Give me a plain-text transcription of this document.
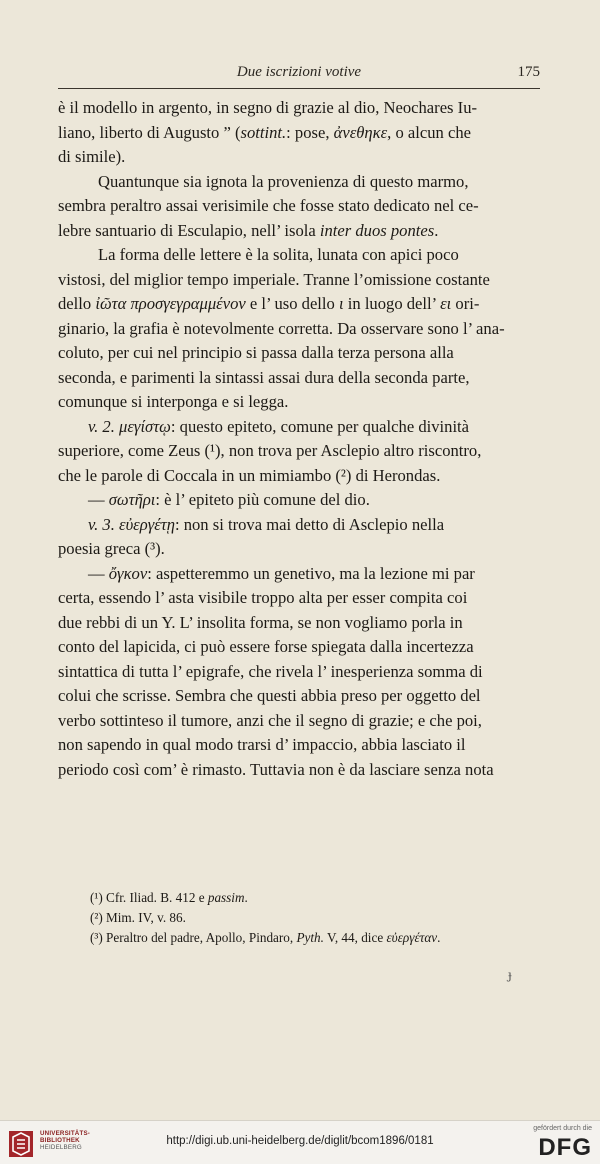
Due iscrizioni votive	175

è il modello in argento, in segno di grazie al dio, Neochares Iu-
liano, liberto di Augusto ” (sottint.: pose, ἀνεθηκε, o alcun che
di simile).

Quantunque sia ignota la provenienza di questo marmo,
sembra peraltro assai verisimile che fosse stato dedicato nel ce-
lebre santuario di Esculapio, nell’ isola inter duos pontes.

La forma delle lettere è la solita, lunata con apici poco
vistosi, del miglior tempo imperiale. Tranne l’omissione costante
dello ἰῶτα προσγεγραμμένον e l’ uso dello ι in luogo dell’ ει ori-
ginario, la grafia è notevolmente corretta. Da osservare sono l’ ana-
coluto, per cui nel principio si passa dalla terza persona alla
seconda, e parimenti la sintassi assai dura della seconda parte,
comunque si interponga e si legga.

v. 2. μεγίστῳ: questo epiteto, comune per qualche divinità
superiore, come Zeus (¹), non trova per Asclepio altro riscontro,
che le parole di Coccala in un mimiambo (²) di Herondas.

— σωτῆρι: è l’ epiteto più comune del dio.

v. 3. εὐεργέτῃ: non si trova mai detto di Asclepio nella
poesia greca (³).

— ὄγκον: aspetteremmo un genetivo, ma la lezione mi par
certa, essendo l’ asta visibile troppo alta per esser compita coi
due rebbi di un Y. L’ insolita forma, se non vogliamo porla in
conto del lapicida, ci può essere forse spiegata dalla incertezza
sintattica di tutta l’ epigrafe, che rivela l’ inesperienza somma di
colui che scrisse. Sembra che questi abbia preso per oggetto del
verbo sottinteso il tumore, anzi che il segno di grazie; e che poi,
non sapendo in qual modo trarsi d’ impaccio, abbia lasciato il
periodo così com’ è rimasto. Tuttavia non è da lasciare senza nota

(¹) Cfr. Iliad. B. 412 e passim.
(²) Mim. IV, v. 86.
(³) Peraltro del padre, Apollo, Pindaro, Pyth. V, 44, dice εὐεργέταν.
ɟ
UNIVERSITÄTS-
BIBLIOTHEK
HEIDELBERG
http://digi.ub.uni-heidelberg.de/diglit/bcom1896/0181
gefördert durch die
DFG
